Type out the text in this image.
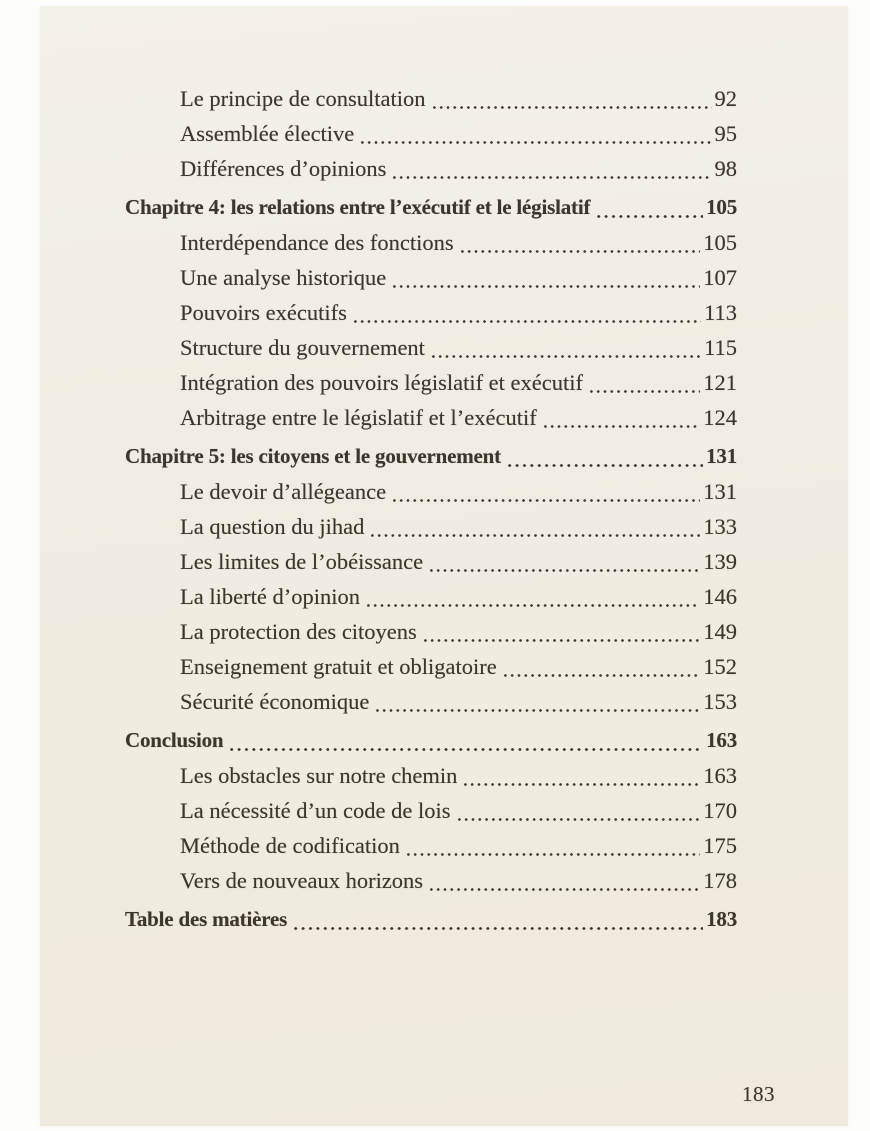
Le principe de consultation	92
Assemblée élective	95
Différences d’opinions	98
Chapitre 4: les relations entre l’exécutif et le législatif	105
Interdépendance des fonctions	105
Une analyse historique	107
Pouvoirs exécutifs	113
Structure du gouvernement	115
Intégration des pouvoirs législatif et exécutif	121
Arbitrage entre le législatif et l’exécutif	124
Chapitre 5: les citoyens et le gouvernement	131
Le devoir d’allégeance	131
La question du jihad	133
Les limites de l’obéissance	139
La liberté d’opinion	146
La protection des citoyens	149
Enseignement gratuit et obligatoire	152
Sécurité économique	153
Conclusion	163
Les obstacles sur notre chemin	163
La nécessité d’un code de lois	170
Méthode de codification	175
Vers de nouveaux horizons	178
Table des matières	183
183
